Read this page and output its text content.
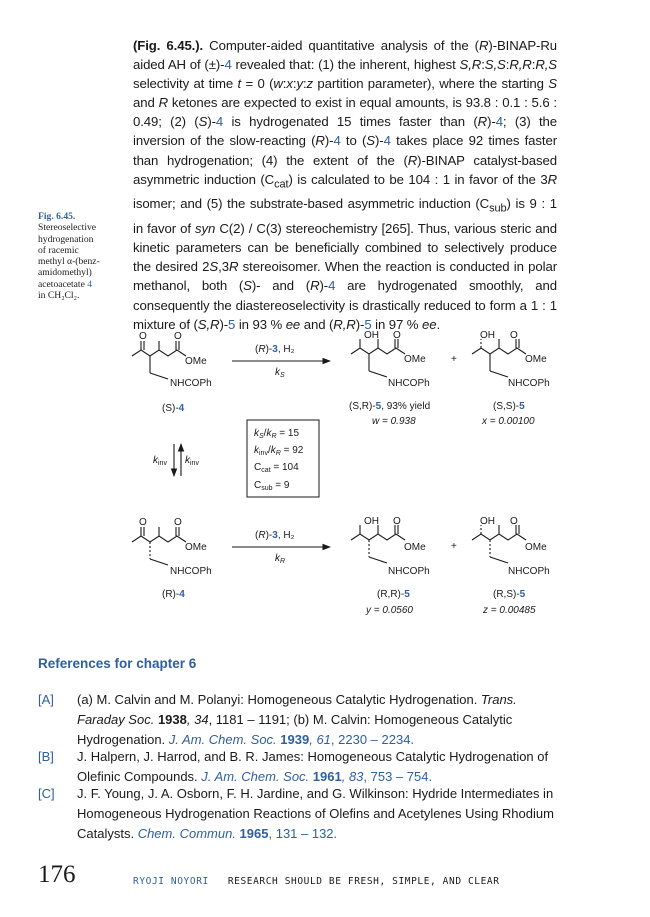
Fig. 6.45.
Stereoselective
hydrogenation
of racemic
methyl α-(benz-
amidomethyl)
acetoacetate 4
in CH₂Cl₂.
(Fig. 6.45.). Computer-aided quantitative analysis of the (R)-BINAP-Ru aided AH of (±)-4 revealed that: (1) the inherent, highest S,R:S,S:R,R:R,S selectivity at time t = 0 (w:x:y:z partition parameter), where the starting S and R ketones are expected to exist in equal amounts, is 93.8 : 0.1 : 5.6 : 0.49; (2) (S)-4 is hydrogenated 15 times faster than (R)-4; (3) the inversion of the slow-reacting (R)-4 to (S)-4 takes place 92 times faster than hydrogenation; (4) the extent of the (R)-BINAP catalyst-based asymmetric induction $(C_{cat})$ is calculated to be 104 : 1 in favor of the 3R isomer; and (5) the substrate-based asymmetric induction $(C_{sub})$ is 9 : 1 in favor of syn C(2) / C(3) stereochemistry [265]. Thus, various steric and kinetic parameters can be beneficially combined to selectively produce the desired 2S,3R stereoisomer. When the reaction is conducted in polar methanol, both (S)- and (R)-4 are hydrogenated smoothly, and consequently the diastereoselectivity is drastically reduced to form a 1 : 1 mixture of (S,R)-5 in 93 % ee and (R,R)-5 in 97 % ee.
O	O
OMe
NHCOPh
(S)-4
(R)-3, H₂
$k_S$
OH O
OMe
NHCOPh
(S,R)-5, 93% yield
w = 0.938
+
OH O
OMe
NHCOPh
(S,S)-5
x = 0.00100
$k_{inv}$ $k_{inv}$
$k_S/k_R = 15$
$k_{inv}/k_R = 92$
$C_{cat} = 104$
$C_{sub} = 9$
O	O
OMe
NHCOPh
(R)-4
(R)-3, H₂
$k_R$
OH O
OMe
NHCOPh
(R,R)-5
y = 0.0560
+
OH O
OMe
NHCOPh
(R,S)-5
z = 0.00485
References for chapter 6
[A] (a) M. Calvin and M. Polanyi: Homogeneous Catalytic Hydrogenation. Trans. Faraday Soc. 1938, 34, 1181 – 1191; (b) M. Calvin: Homogeneous Catalytic Hydrogenation. J. Am. Chem. Soc. 1939, 61, 2230 – 2234.
[B] J. Halpern, J. Harrod, and B. R. James: Homogeneous Catalytic Hydrogenation of Olefinic Compounds. J. Am. Chem. Soc. 1961, 83, 753 – 754.
[C] J. F. Young, J. A. Osborn, F. H. Jardine, and G. Wilkinson: Hydride Intermediates in Homogeneous Hydrogenation Reactions of Olefins and Acetylenes Using Rhodium Catalysts. Chem. Commun. 1965, 131 – 132.
176	RYOJI NOYORI RESEARCH SHOULD BE FRESH, SIMPLE, AND CLEAR
